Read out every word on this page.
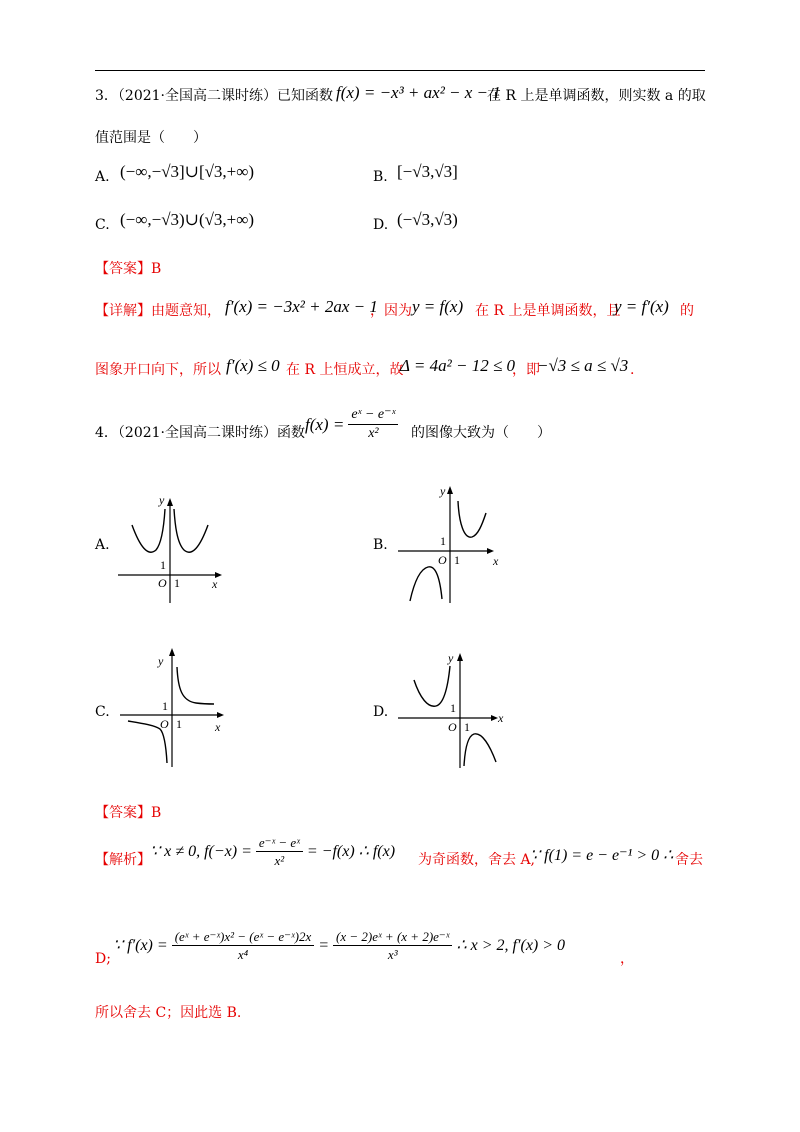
3．（2021·全国高二课时练）已知函数 f(x) = −x³ + ax² − x − 1
在 R 上是单调函数，则实数 a 的取
值范围是（　　）
A. (−∞,−√3]∪[√3,+∞)	B. [−√3,√3]
C. (−∞,−√3)∪(√3,+∞)	D. (−√3,√3)
【答案】B
【详解】由题意知， f′(x) = −3x² + 2ax − 1
，因为 y = f(x) 在 R 上是单调函数，且
y = f′(x) 的
图象开口向下，所以 f′(x) ≤ 0 在 R 上恒成立，故
Δ = 4a² − 12 ≤ 0
，即
−√3 ≤ a ≤ √3 .
4．（2021·全国高二课时练）函数 $f(x) = \frac{\text{eˣ − e⁻ˣ}}{\text{x²}}$ 的图像大致为（　　）
A.
y
x
O 1
1
B.
y
x
O 1
1
C.
y
x
O 1
1	D.
y
x
O 1
1
【答案】B
【解析】
∵ x ≠ 0, $f(-x) = \frac{\text{e⁻ˣ − eˣ}}{\text{x²}} = -f(x)$ ∴ f(x)
为奇函数，舍去 A,
∵ f(1) = e − e⁻¹ > 0 ∴ 舍去
D;
∵ $f'(x) = \frac{\text{(eˣ + e⁻ˣ)x² − (eˣ − e⁻ˣ)2x}}{\text{x⁴}} = \frac{\text{(x − 2)eˣ + (x + 2)e⁻ˣ}}{\text{x³}}$ ∴ x > 2, f′(x) > 0
，
所以舍去 C；因此选 B.
